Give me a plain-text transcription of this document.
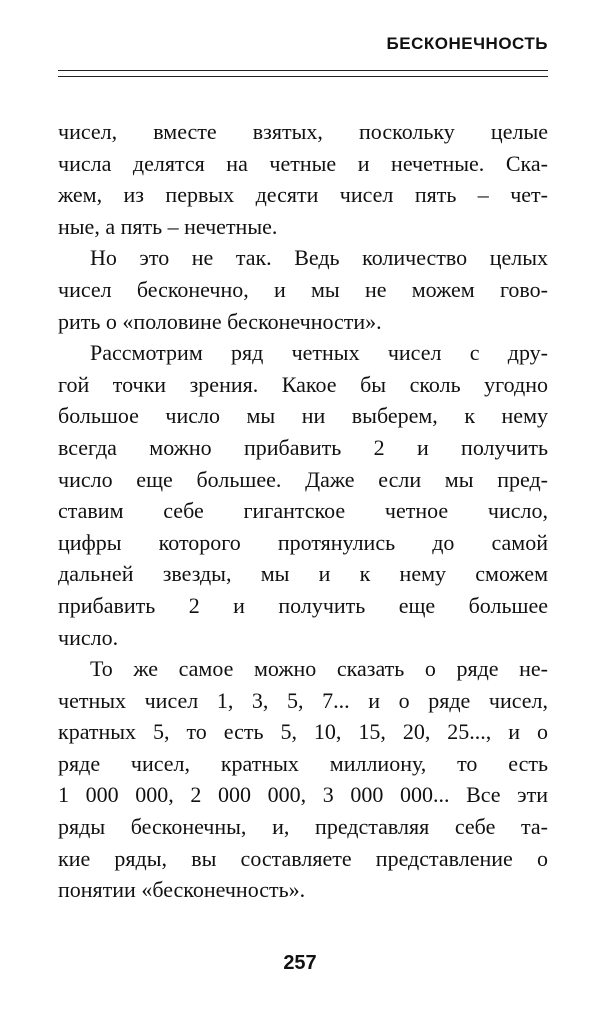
БЕСКОНЕЧНОСТЬ
чисел, вместе взятых, поскольку целые
числа делятся на четные и нечетные. Ска-
жем, из первых десяти чисел пять – чет-
ные, а пять – нечетные.
Но это не так. Ведь количество целых
чисел бесконечно, и мы не можем гово-
рить о «половине бесконечности».
Рассмотрим ряд четных чисел с дру-
гой точки зрения. Какое бы сколь угодно
большое число мы ни выберем, к нему
всегда можно прибавить 2 и получить
число еще большее. Даже если мы пред-
ставим себе гигантское четное число,
цифры которого протянулись до самой
дальней звезды, мы и к нему сможем
прибавить 2 и получить еще большее
число.
То же самое можно сказать о ряде не-
четных чисел 1, 3, 5, 7... и о ряде чисел,
кратных 5, то есть 5, 10, 15, 20, 25..., и о
ряде чисел, кратных миллиону, то есть
1 000 000, 2 000 000, 3 000 000... Все эти
ряды бесконечны, и, представляя себе та-
кие ряды, вы составляете представление о
понятии «бесконечность».
257
